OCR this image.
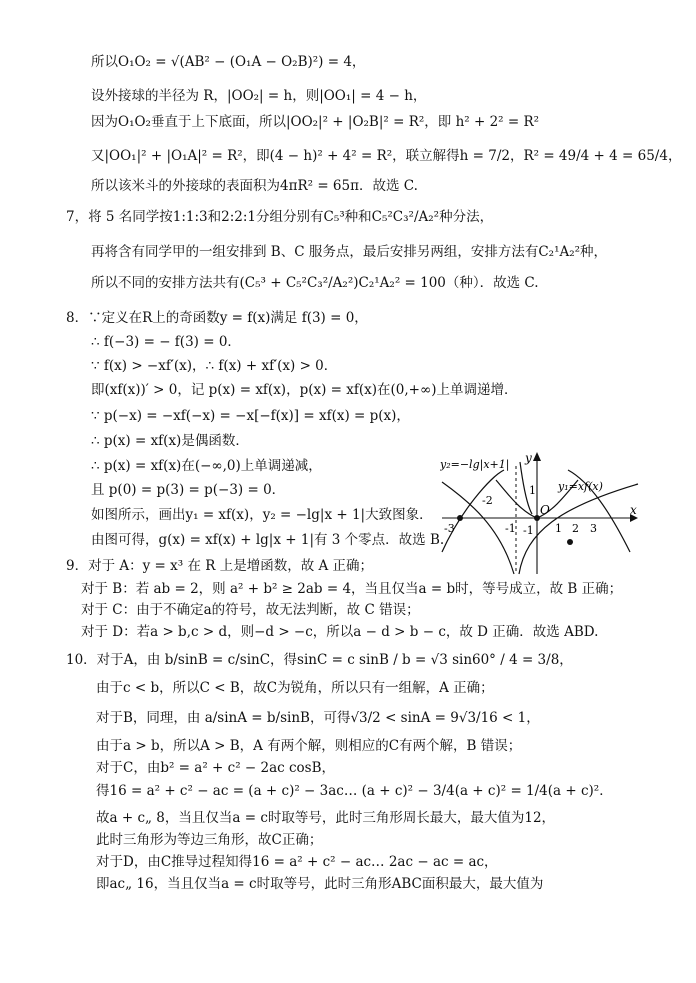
所以O₁O₂ = √(AB² − (O₁A − O₂B)²) = 4，
设外接球的半径为 R，|OO₂| = h，则|OO₁| = 4 − h，
因为O₁O₂垂直于上下底面，所以|OO₂|² + |O₂B|² = R²，即 h² + 2² = R²
又|OO₁|² + |O₁A|² = R²，即(4 − h)² + 4² = R²，联立解得h = 7/2，R² = 49/4 + 4 = 65/4，
所以该米斗的外接球的表面积为4πR² = 65π．故选 C.
7，将 5 名同学按1:1:3和2:2:1分组分别有C₅³种和C₅²C₃²/A₂²种分法，
再将含有同学甲的一组安排到 B、C 服务点，最后安排另两组，安排方法有C₂¹A₂²种，
所以不同的安排方法共有(C₅³ + C₅²C₃²/A₂²)C₂¹A₂² = 100（种）．故选 C.
8．∵定义在R上的奇函数y = f(x)满足 f(3) = 0，
∴ f(−3) = − f(3) = 0．
∵ f(x) > −xf′(x)，∴ f(x) + xf′(x) > 0．
即(xf(x))′ > 0，记 p(x) = xf(x)，p(x) = xf(x)在(0,+∞)上单调递增．
∵ p(−x) = −xf(−x) = −x[−f(x)] = xf(x) = p(x)，
∴ p(x) = xf(x)是偶函数．
∴ p(x) = xf(x)在(−∞,0)上单调递减，
且 p(0) = p(3) = p(−3) = 0．
如图所示，画出y₁ = xf(x)，y₂ = −lg|x + 1|大致图象．
由图可得，g(x) = xf(x) + lg|x + 1|有 3 个零点．故选 B.
9．对于 A：y = x³ 在 R 上是增函数，故 A 正确；
对于 B：若 ab = 2，则 a² + b² ≥ 2ab = 4，当且仅当a = b时，等号成立，故 B 正确；
对于 C：由于不确定a的符号，故无法判断，故 C 错误；
对于 D：若a > b,c > d，则−d > −c，所以a − d > b − c，故 D 正确．故选 ABD.
10．对于A，由 b/sinB = c/sinC，得sinC = c sinB / b = √3 sin60° / 4 = 3/8，
由于c < b，所以C < B，故C为锐角，所以只有一组解，A 正确；
对于B，同理，由 a/sinA = b/sinB，可得√3/2 < sinA = 9√3/16 < 1，
由于a > b，所以A > B，A 有两个解，则相应的C有两个解，B 错误；
对于C，由b² = a² + c² − 2ac cosB，
得16 = a² + c² − ac = (a + c)² − 3ac… (a + c)² − 3/4(a + c)² = 1/4(a + c)²．
故a + c„ 8，当且仅当a = c时取等号，此时三角形周长最大，最大值为12，
此时三角形为等边三角形，故C正确；
对于D，由C推导过程知得16 = a² + c² − ac… 2ac − ac = ac，
即ac„ 16，当且仅当a = c时取等号，此时三角形ABC面积最大，最大值为
y₂=−lg|x+1|
y₁=xf(x)
y
x
O
-3
-2
-1	1 2 3
1
-1
